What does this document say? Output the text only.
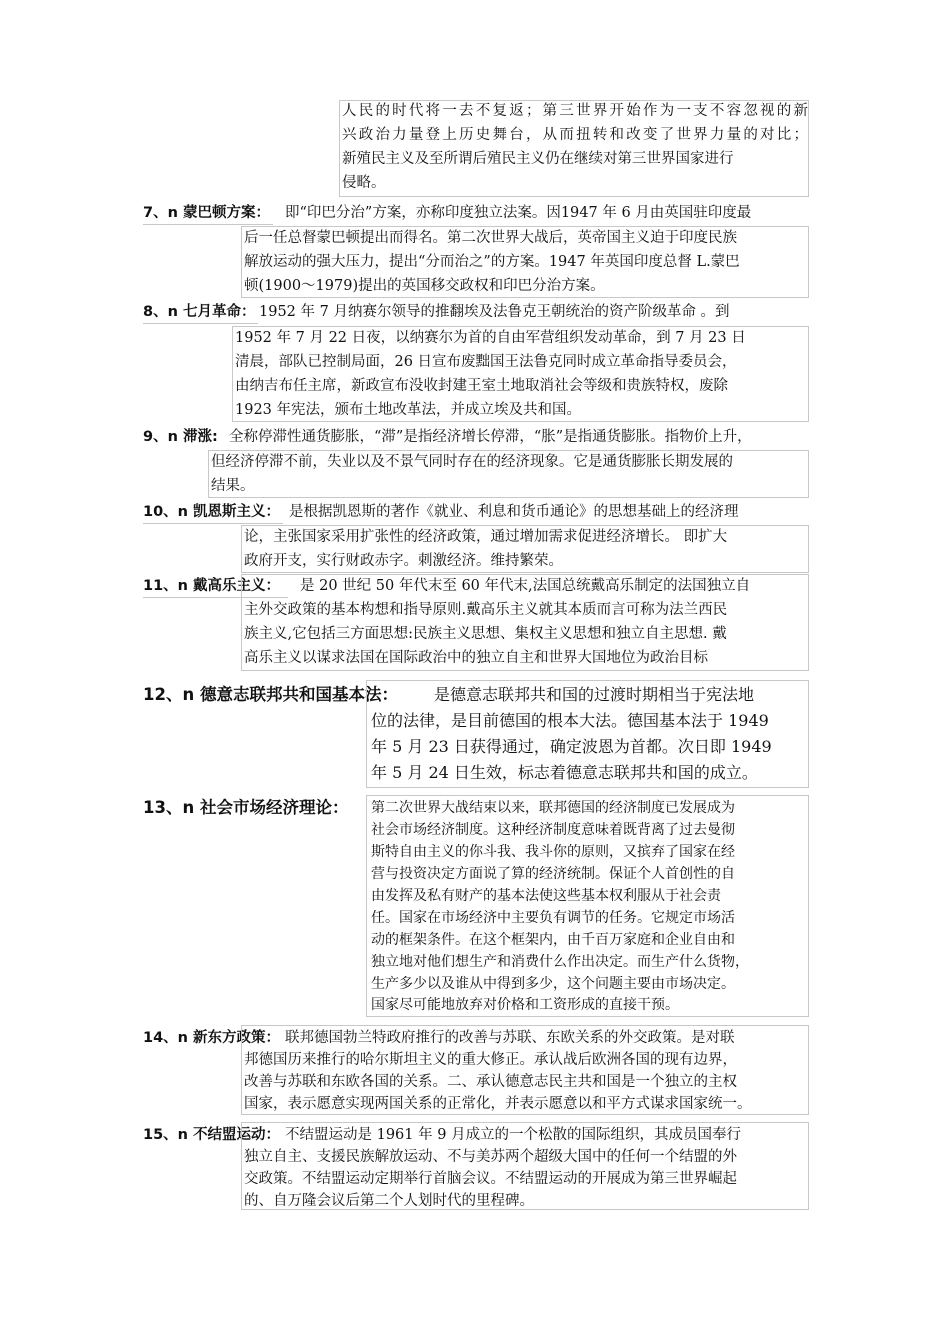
人民的时代将一去不复返；第三世界开始作为一支不容忽视的新
兴政治力量登上历史舞台，从而扭转和改变了世界力量的对比；
新殖民主义及至所谓后殖民主义仍在继续对第三世界国家进行
侵略。
7、n 蒙巴顿方案： 即“印巴分治”方案，亦称印度独立法案。因1947 年 6 月由英国驻印度最
后一任总督蒙巴顿提出而得名。第二次世界大战后，英帝国主义迫于印度民族
解放运动的强大压力，提出“分而治之”的方案。1947 年英国印度总督 L.蒙巴
顿(1900～1979)提出的英国移交政权和印巴分治方案。
8、n 七月革命： 1952 年 7 月纳赛尔领导的推翻埃及法鲁克王朝统治的资产阶级革命 。到
1952 年 7 月 22 日夜，以纳赛尔为首的自由军营组织发动革命，到 7 月 23 日
清晨，部队已控制局面，26 日宣布废黜国王法鲁克同时成立革命指导委员会，
由纳吉布任主席，新政宣布没收封建王室土地取消社会等级和贵族特权，废除
1923 年宪法，颁布土地改革法，并成立埃及共和国。
9、n 滞涨: 全称停滞性通货膨胀，“滞”是指经济增长停滞，“胀”是指通货膨胀。指物价上升，
但经济停滞不前，失业以及不景气同时存在的经济现象。它是通货膨胀长期发展的
结果。
10、n 凯恩斯主义： 是根据凯恩斯的著作《就业、利息和货币通论》的思想基础上的经济理
论，主张国家采用扩张性的经济政策，通过增加需求促进经济增长。 即扩大
政府开支，实行财政赤字。刺激经济。维持繁荣。
11、n 戴高乐主义： 是 20 世纪 50 年代末至 60 年代末,法国总统戴高乐制定的法国独立自
主外交政策的基本构想和指导原则.戴高乐主义就其本质而言可称为法兰西民
族主义,它包括三方面思想:民族主义思想、集权主义思想和独立自主思想. 戴
高乐主义以谋求法国在国际政治中的独立自主和世界大国地位为政治目标
12、n 德意志联邦共和国基本法： 是德意志联邦共和国的过渡时期相当于宪法地
位的法律，是目前德国的根本大法。德国基本法于 1949
年 5 月 23 日获得通过，确定波恩为首都。次日即 1949
年 5 月 24 日生效，标志着德意志联邦共和国的成立。
13、n 社会市场经济理论： 第二次世界大战结束以来，联邦德国的经济制度已发展成为
社会市场经济制度。这种经济制度意味着既背离了过去曼彻
斯特自由主义的你斗我、我斗你的原则，又摈弃了国家在经
营与投资决定方面说了算的经济统制。保证个人首创性的自
由发挥及私有财产的基本法使这些基本权利服从于社会责
任。国家在市场经济中主要负有调节的任务。它规定市场活
动的框架条件。在这个框架内，由千百万家庭和企业自由和
独立地对他们想生产和消费什么作出决定。而生产什么货物，
生产多少以及谁从中得到多少，这个问题主要由市场决定。
国家尽可能地放弃对价格和工资形成的直接干预。
14、n 新东方政策： 联邦德国勃兰特政府推行的改善与苏联、东欧关系的外交政策。是对联
邦德国历来推行的哈尔斯坦主义的重大修正。承认战后欧洲各国的现有边界，
改善与苏联和东欧各国的关系。二、承认德意志民主共和国是一个独立的主权
国家，表示愿意实现两国关系的正常化，并表示愿意以和平方式谋求国家统一。
15、n 不结盟运动： 不结盟运动是 1961 年 9 月成立的一个松散的国际组织，其成员国奉行
独立自主、支援民族解放运动、不与美苏两个超级大国中的任何一个结盟的外
交政策。不结盟运动定期举行首脑会议。不结盟运动的开展成为第三世界崛起
的、自万隆会议后第二个人划时代的里程碑。
